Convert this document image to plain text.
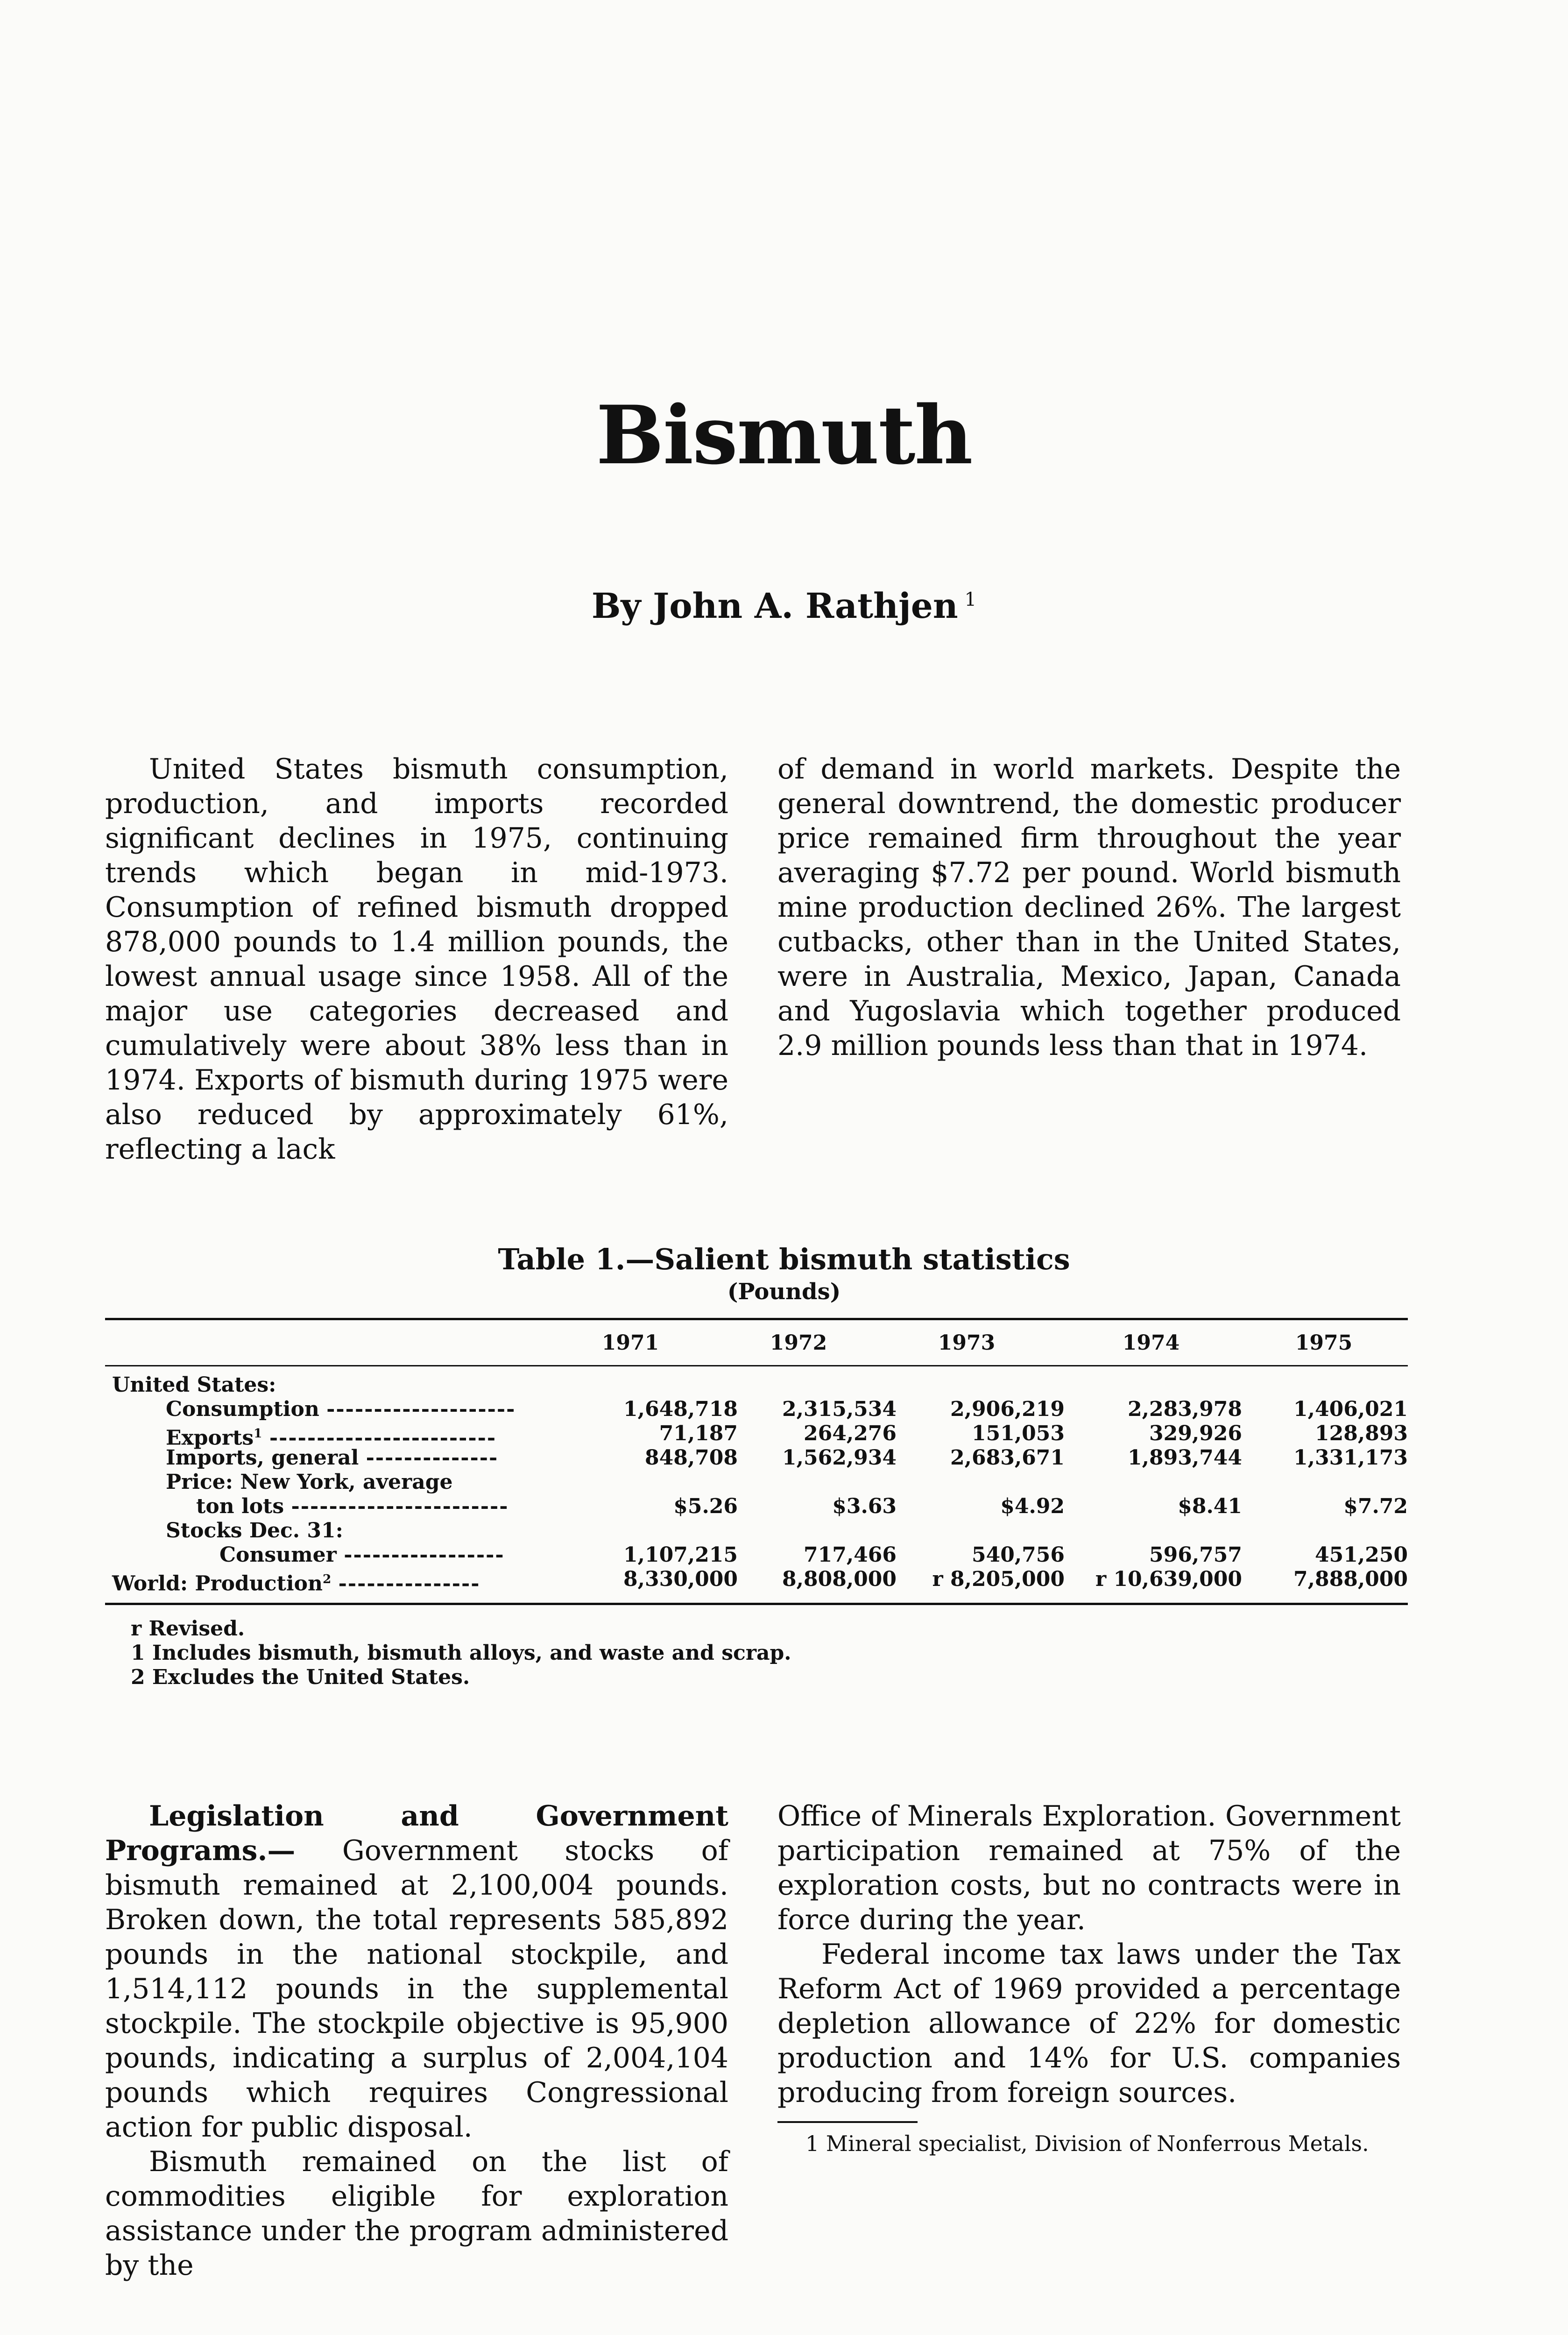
Bismuth
By John A. Rathjen $^1$

United States bismuth consumption, production, and imports recorded significant declines in 1975, continuing trends which began in mid-1973. Consumption of refined bismuth dropped 878,000 pounds to 1.4 million pounds, the lowest annual usage since 1958. All of the major use categories decreased and cumulatively were about 38% less than in 1974. Exports of bismuth during 1975 were also reduced by approximately 61%, reflecting a lack

of demand in world markets. Despite the general downtrend, the domestic producer price remained firm throughout the year averaging $7.72 per pound. World bismuth mine production declined 26%. The largest cutbacks, other than in the United States, were in Australia, Mexico, Japan, Canada and Yugoslavia which together produced 2.9 million pounds less than that in 1974.

Table 1.—Salient bismuth statistics
(Pounds)
1971	1972	1973	1974	1975
United States:
Consumption --------------------	1,648,718	2,315,534	2,906,219	2,283,978	1,406,021
Exports$^1$ ------------------------	71,187	264,276	151,053	329,926	128,893
Imports, general --------------	848,708	1,562,934	2,683,671	1,893,744	1,331,173
Price: New York, average
ton lots -----------------------	$5.26	$3.63	$4.92	$8.41	$7.72
Stocks Dec. 31:
Consumer -----------------	1,107,215	717,466	540,756	596,757	451,250
World: Production$^2$ ---------------	8,330,000	8,808,000	r 8,205,000	r 10,639,000	7,888,000
r Revised.
1 Includes bismuth, bismuth alloys, and waste and scrap.
2 Excludes the United States.

Legislation and Government Programs.— Government stocks of bismuth remained at 2,100,004 pounds. Broken down, the total represents 585,892 pounds in the national stockpile, and 1,514,112 pounds in the supplemental stockpile. The stockpile objective is 95,900 pounds, indicating a surplus of 2,004,104 pounds which requires Congressional action for public disposal.

Bismuth remained on the list of commodities eligible for exploration assistance under the program administered by the

Office of Minerals Exploration. Government participation remained at 75% of the exploration costs, but no contracts were in force during the year.

Federal income tax laws under the Tax Reform Act of 1969 provided a percentage depletion allowance of 22% for domestic production and 14% for U.S. companies producing from foreign sources.

1 Mineral specialist, Division of Nonferrous Metals.
